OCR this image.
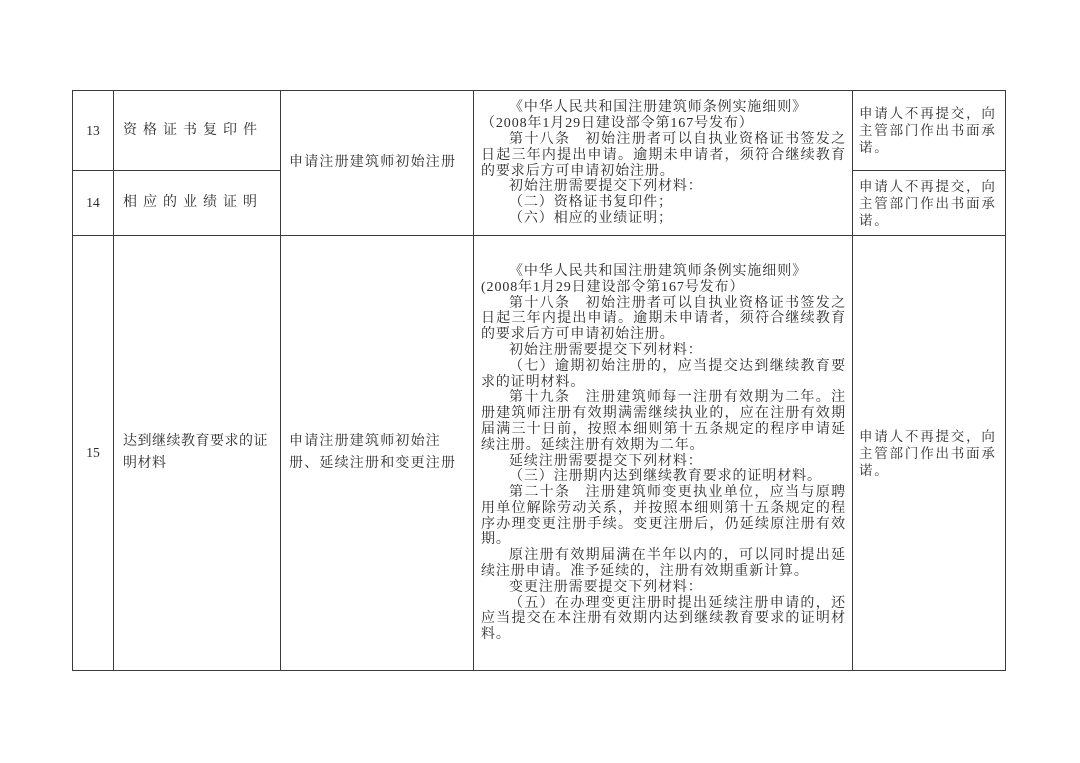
13	资格证书复印件	申请注册建筑师初始注册	
《中华人民共和国注册建筑师条例实施细则》
（2008年1月29日建设部令第167号发布）
第十八条　初始注册者可以自执业资格证书签发之日起三年内提出申请。逾期未申请者，须符合继续教育的要求后方可申请初始注册。
初始注册需要提交下列材料：
（二）资格证书复印件；
（六）相应的业绩证明；
	申请人不再提交，向主管部门作出书面承诺。
14	相应的业绩证明			申请人不再提交，向主管部门作出书面承诺。
15	达到继续教育要求的证明材料	申请注册建筑师初始注册、延续注册和变更注册	
《中华人民共和国注册建筑师条例实施细则》
(2008年1月29日建设部令第167号发布）
第十八条　初始注册者可以自执业资格证书签发之日起三年内提出申请。逾期未申请者，须符合继续教育的要求后方可申请初始注册。
初始注册需要提交下列材料：
（七）逾期初始注册的，应当提交达到继续教育要求的证明材料。
第十九条　注册建筑师每一注册有效期为二年。注册建筑师注册有效期满需继续执业的，应在注册有效期届满三十日前，按照本细则第十五条规定的程序申请延续注册。延续注册有效期为二年。
延续注册需要提交下列材料：
（三）注册期内达到继续教育要求的证明材料。
第二十条　注册建筑师变更执业单位，应当与原聘用单位解除劳动关系，并按照本细则第十五条规定的程序办理变更注册手续。变更注册后，仍延续原注册有效期。
原注册有效期届满在半年以内的，可以同时提出延续注册申请。准予延续的，注册有效期重新计算。
变更注册需要提交下列材料：
（五）在办理变更注册时提出延续注册申请的，还应当提交在本注册有效期内达到继续教育要求的证明材料。
	申请人不再提交，向主管部门作出书面承诺。
